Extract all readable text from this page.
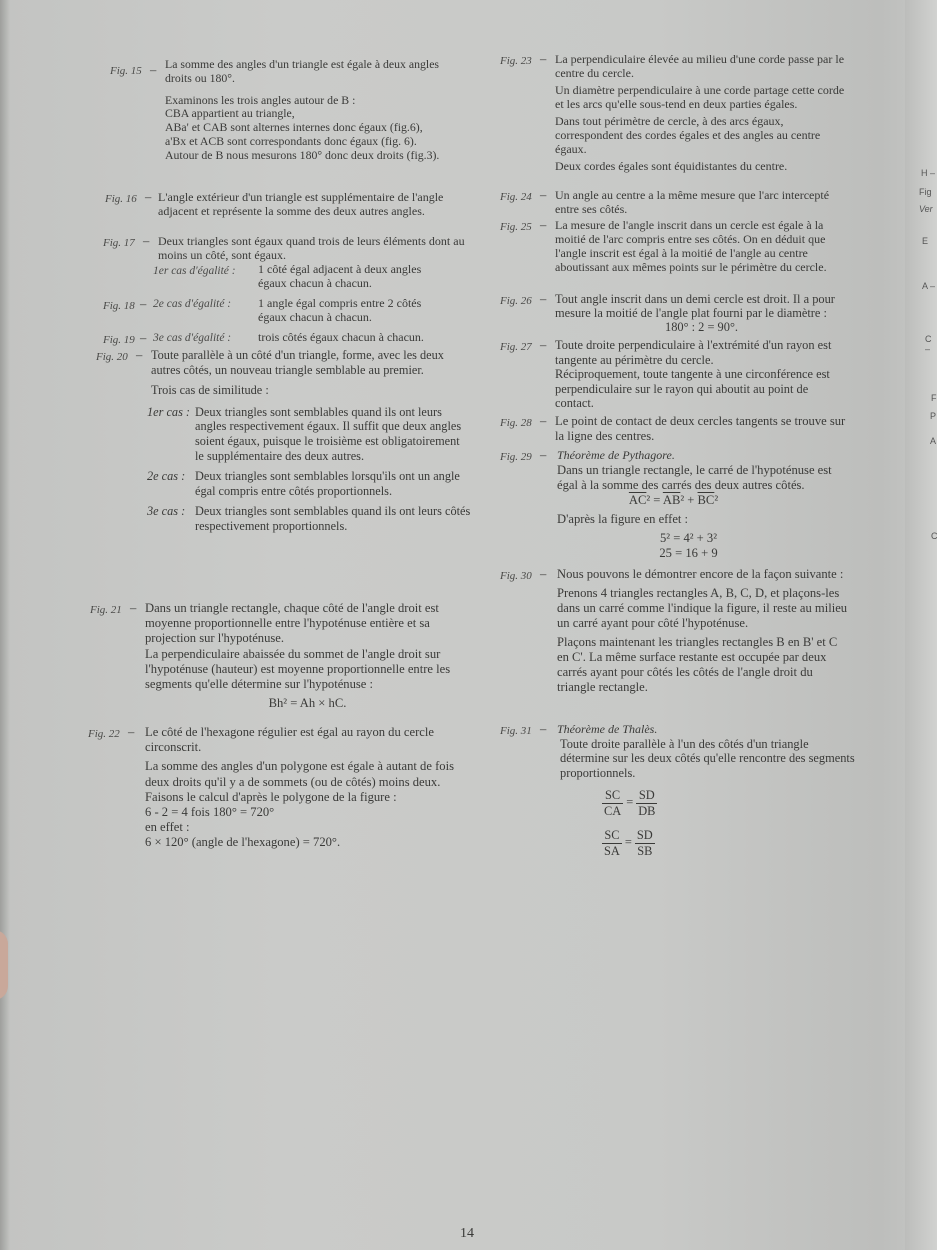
Fig. 15 – La somme des angles d'un triangle est égale à deux angles droits ou 180°.
Examinons les trois angles autour de B :
CBA appartient au triangle,
ABa' et CAB sont alternes internes donc égaux (fig.6),
a'Bx et ACB sont correspondants donc égaux (fig. 6).
Autour de B nous mesurons 180° donc deux droits (fig.3).
Fig. 16 – L'angle extérieur d'un triangle est supplémentaire de l'angle adjacent et représente la somme des deux autres angles.
Fig. 17 – Deux triangles sont égaux quand trois de leurs éléments dont au moins un côté, sont égaux.
1er cas d'égalité : 1 côté égal adjacent à deux angles égaux chacun à chacun.
Fig. 18 – 2e cas d'égalité : 1 angle égal compris entre 2 côtés égaux chacun à chacun.
Fig. 19 – 3e cas d'égalité : trois côtés égaux chacun à chacun.
Fig. 20 – Toute parallèle à un côté d'un triangle, forme, avec les deux autres côtés, un nouveau triangle semblable au premier.
Trois cas de similitude :
1er cas : Deux triangles sont semblables quand ils ont leurs angles respectivement égaux. Il suffit que deux angles soient égaux, puisque le troisième est obligatoirement le supplémentaire des deux autres.
2e cas : Deux triangles sont semblables lorsqu'ils ont un angle égal compris entre côtés proportionnels.
3e cas : Deux triangles sont semblables quand ils ont leurs côtés respectivement proportionnels.
Fig. 21 – Dans un triangle rectangle, chaque côté de l'angle droit est moyenne proportionnelle entre l'hypoténuse entière et sa projection sur l'hypoténuse.
La perpendiculaire abaissée du sommet de l'angle droit sur l'hypoténuse (hauteur) est moyenne proportionnelle entre les segments qu'elle détermine sur l'hypoténuse :
Bh² = Ah × hC.
Fig. 22 – Le côté de l'hexagone régulier est égal au rayon du cercle circonscrit.
La somme des angles d'un polygone est égale à autant de fois deux droits qu'il y a de sommets (ou de côtés) moins deux. Faisons le calcul d'après le polygone de la figure :
6 - 2 = 4 fois 180° = 720°
en effet :
6 × 120° (angle de l'hexagone) = 720°.
Fig. 23 – La perpendiculaire élevée au milieu d'une corde passe par le centre du cercle.
Un diamètre perpendiculaire à une corde partage cette corde et les arcs qu'elle sous-tend en deux parties égales.
Dans tout périmètre de cercle, à des arcs égaux, correspondent des cordes égales et des angles au centre égaux.
Deux cordes égales sont équidistantes du centre.
Fig. 24 – Un angle au centre a la même mesure que l'arc intercepté entre ses côtés.
Fig. 25 – La mesure de l'angle inscrit dans un cercle est égale à la moitié de l'arc compris entre ses côtés. On en déduit que l'angle inscrit est égal à la moitié de l'angle au centre aboutissant aux mêmes points sur le périmètre du cercle.
Fig. 26 – Tout angle inscrit dans un demi cercle est droit. Il a pour mesure la moitié de l'angle plat fourni par le diamètre :
180° : 2 = 90°.
Fig. 27 – Toute droite perpendiculaire à l'extrémité d'un rayon est tangente au périmètre du cercle.
Réciproquement, toute tangente à une circonférence est perpendiculaire sur le rayon qui aboutit au point de contact.
Fig. 28 – Le point de contact de deux cercles tangents se trouve sur la ligne des centres.
Fig. 29 – Théorème de Pythagore.
Dans un triangle rectangle, le carré de l'hypoténuse est égal à la somme des carrés des deux autres côtés.
$\overline{AC}^2 = \overline{AB}^2 + \overline{BC}^2$
D'après la figure en effet :
5² = 4² + 3²
25 = 16 + 9
Fig. 30 – Nous pouvons le démontrer encore de la façon suivante :
Prenons 4 triangles rectangles A, B, C, D, et plaçons-les dans un carré comme l'indique la figure, il reste au milieu un carré ayant pour côté l'hypoténuse.
Plaçons maintenant les triangles rectangles B en B' et C en C'. La même surface restante est occupée par deux carrés ayant pour côtés les côtés de l'angle droit du triangle rectangle.
Fig. 31 – Théorème de Thalès.
Toute droite parallèle à l'un des côtés d'un triangle détermine sur les deux côtés qu'elle rencontre des segments proportionnels.
$\frac{SC}{CA} = \frac{SD}{DB}$
$\frac{SC}{SA} = \frac{SD}{SB}$
14
H –
Fig
Ver
E
A –
C –
F
P
A
C
